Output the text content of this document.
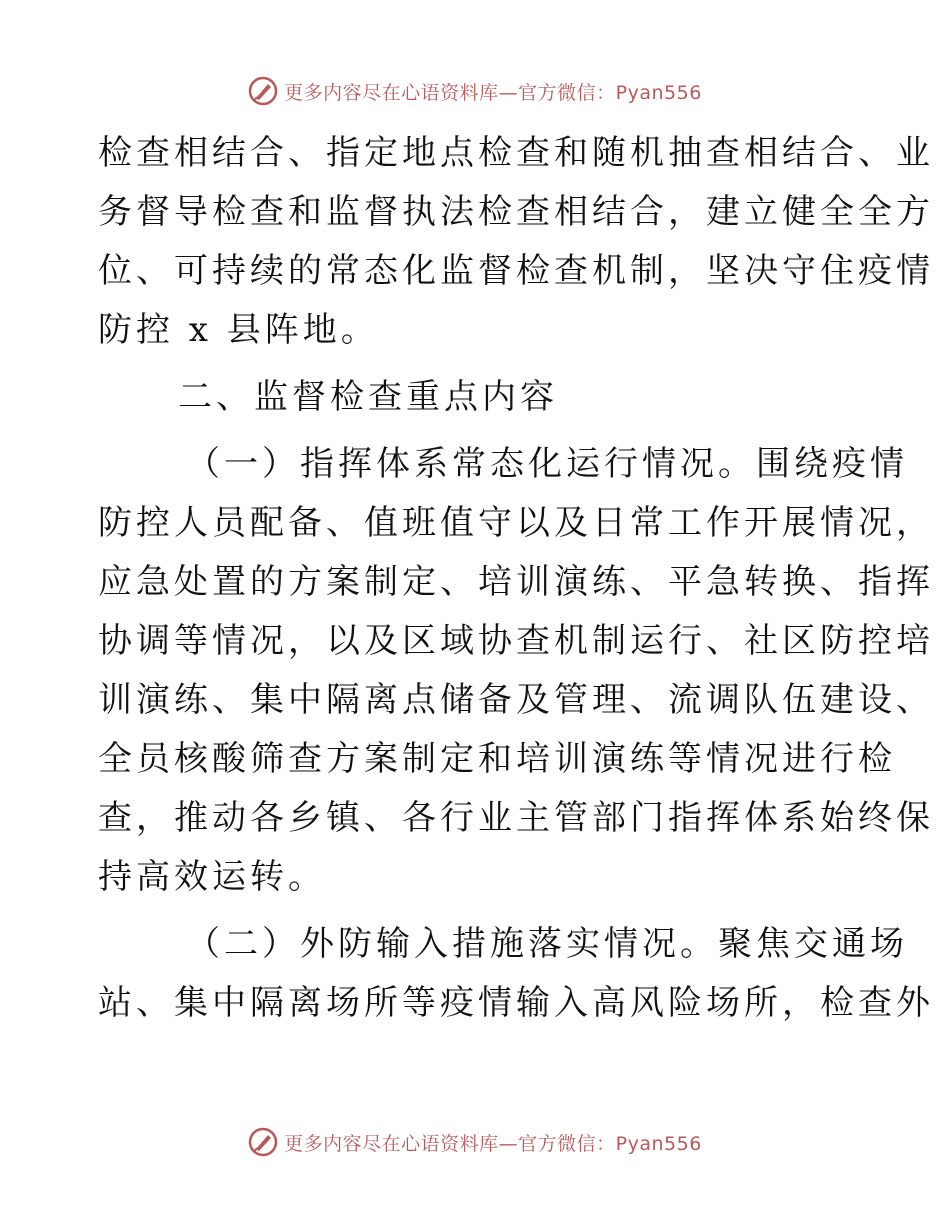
更多内容尽在心语资料库—官方微信：Pyan556
检查相结合、指定地点检查和随机抽查相结合、业
务督导检查和监督执法检查相结合，建立健全全方
位、可持续的常态化监督检查机制，坚决守住疫情
防控 x 县阵地。
二、监督检查重点内容
（一）指挥体系常态化运行情况。围绕疫情
防控人员配备、值班值守以及日常工作开展情况，
应急处置的方案制定、培训演练、平急转换、指挥
协调等情况，以及区域协查机制运行、社区防控培
训演练、集中隔离点储备及管理、流调队伍建设、
全员核酸筛查方案制定和培训演练等情况进行检
查，推动各乡镇、各行业主管部门指挥体系始终保
持高效运转。
（二）外防输入措施落实情况。聚焦交通场
站、集中隔离场所等疫情输入高风险场所，检查外
更多内容尽在心语资料库—官方微信：Pyan556
